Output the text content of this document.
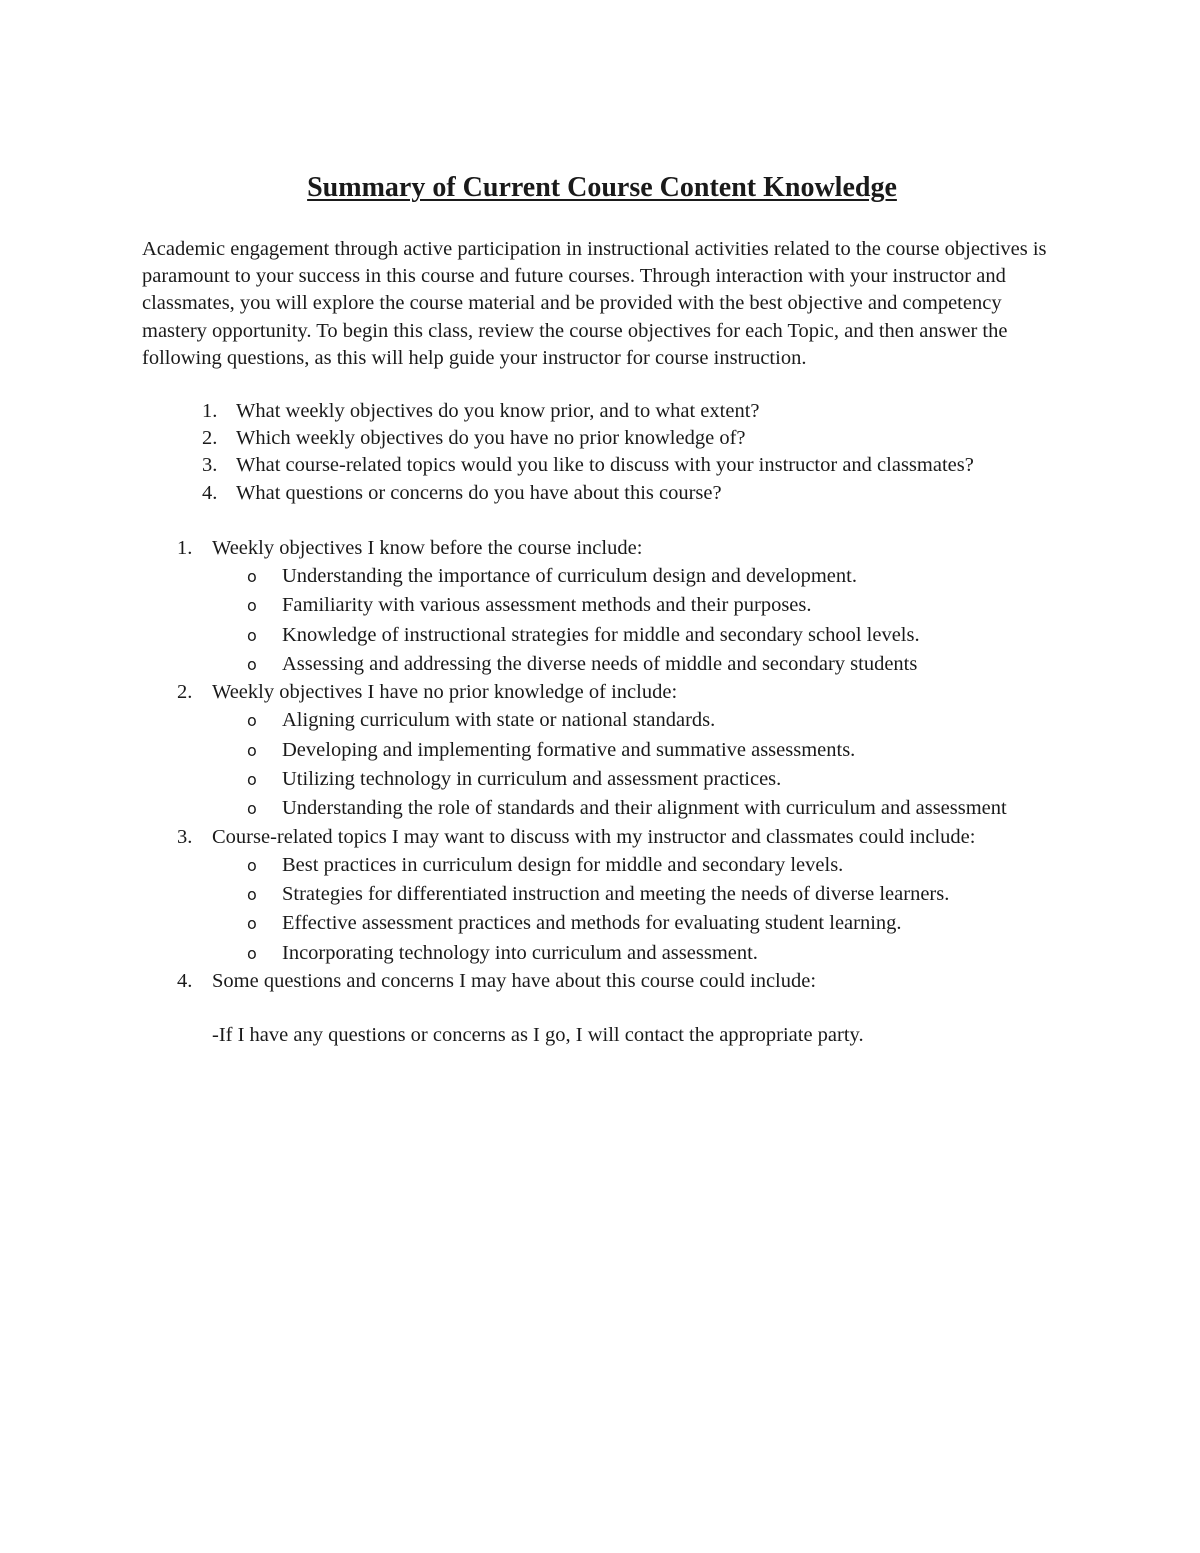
Summary of Current Course Content Knowledge

Academic engagement through active participation in instructional activities related to the course objectives is paramount to your success in this course and future courses. Through interaction with your instructor and classmates, you will explore the course material and be provided with the best objective and competency mastery opportunity. To begin this class, review the course objectives for each Topic, and then answer the following questions, as this will help guide your instructor for course instruction.

1. What weekly objectives do you know prior, and to what extent?
2. Which weekly objectives do you have no prior knowledge of?
3. What course-related topics would you like to discuss with your instructor and classmates?
4. What questions or concerns do you have about this course?
1. Weekly objectives I know before the course include:
o Understanding the importance of curriculum design and development.
o Familiarity with various assessment methods and their purposes.
o Knowledge of instructional strategies for middle and secondary school levels.
o Assessing and addressing the diverse needs of middle and secondary students
2. Weekly objectives I have no prior knowledge of include:
o Aligning curriculum with state or national standards.
o Developing and implementing formative and summative assessments.
o Utilizing technology in curriculum and assessment practices.
o Understanding the role of standards and their alignment with curriculum and assessment
3. Course-related topics I may want to discuss with my instructor and classmates could include:
o Best practices in curriculum design for middle and secondary levels.
o Strategies for differentiated instruction and meeting the needs of diverse learners.
o Effective assessment practices and methods for evaluating student learning.
o Incorporating technology into curriculum and assessment.
4. Some questions and concerns I may have about this course could include:
-If I have any questions or concerns as I go, I will contact the appropriate party.
